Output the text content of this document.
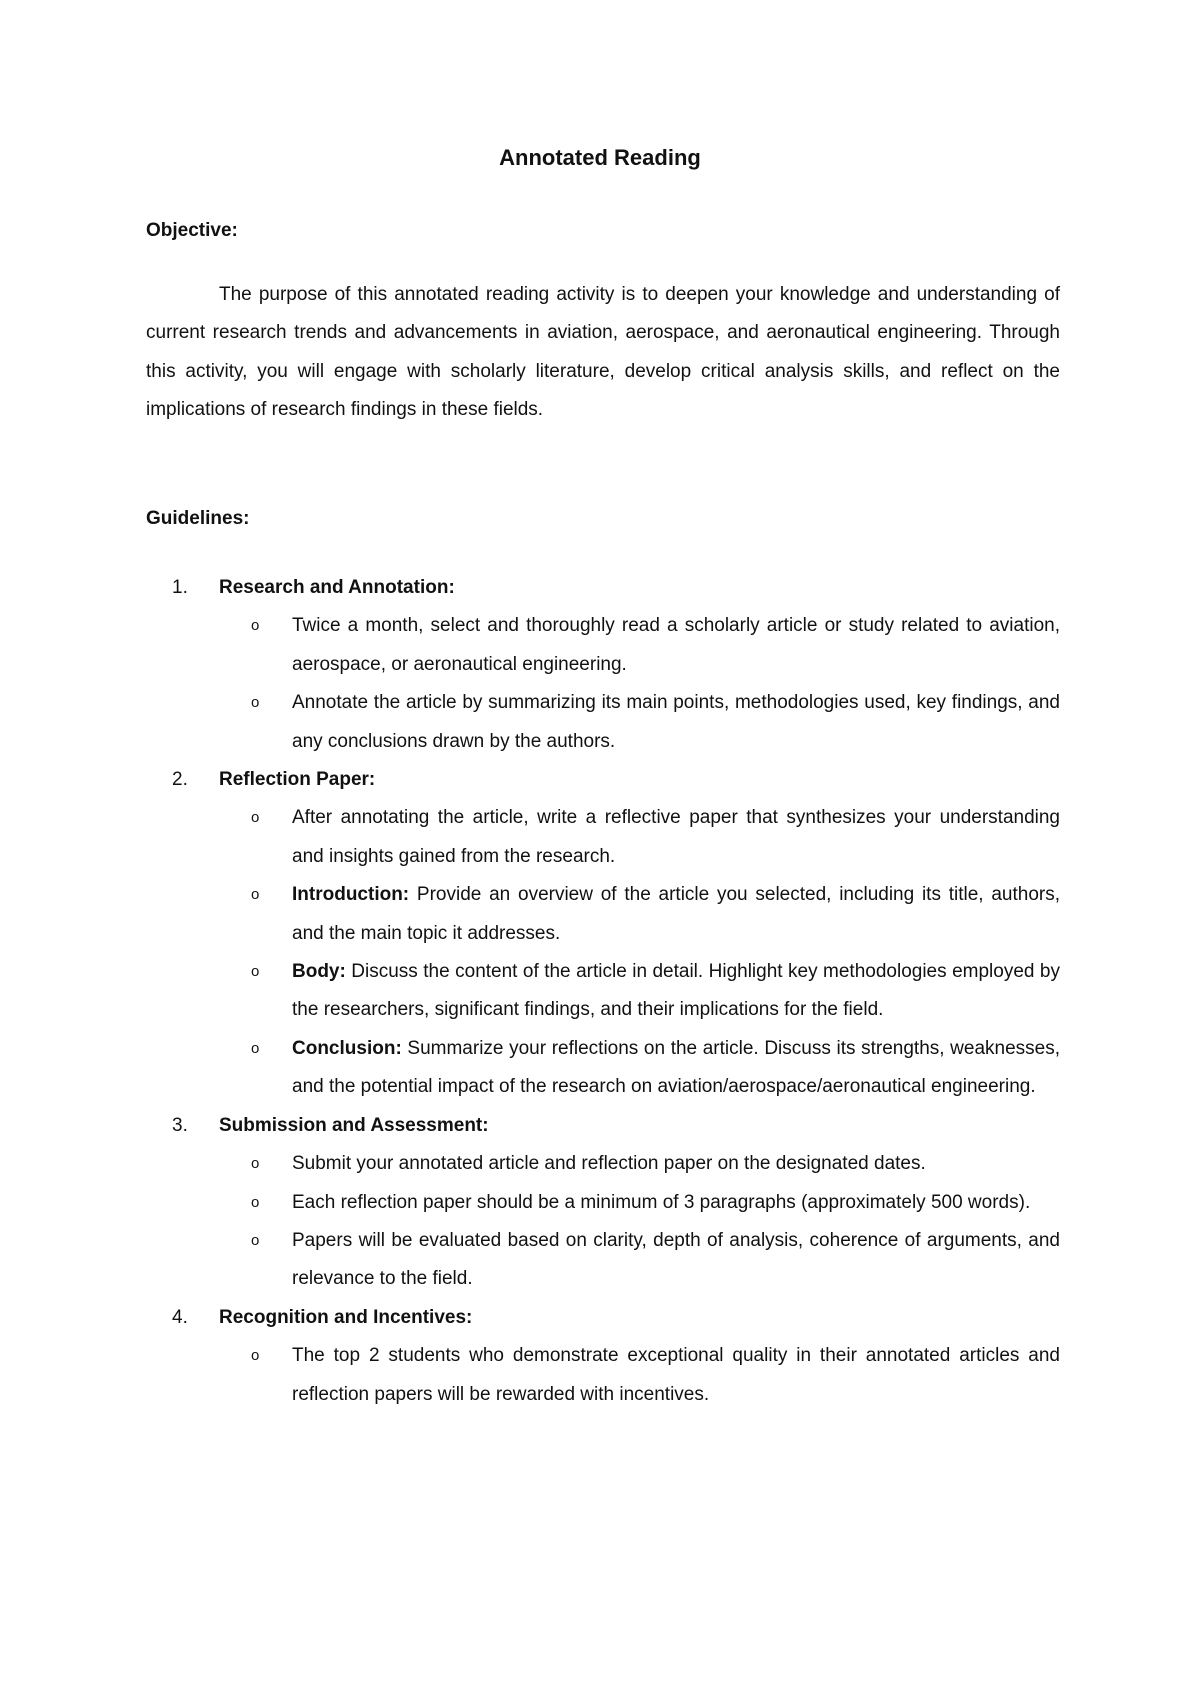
Annotated Reading
Objective:
The purpose of this annotated reading activity is to deepen your knowledge and understanding of current research trends and advancements in aviation, aerospace, and aeronautical engineering. Through this activity, you will engage with scholarly literature, develop critical analysis skills, and reflect on the implications of research findings in these fields.
Guidelines:
1.	Research and Annotation:
o Twice a month, select and thoroughly read a scholarly article or study related to aviation, aerospace, or aeronautical engineering.
o Annotate the article by summarizing its main points, methodologies used, key findings, and any conclusions drawn by the authors.
2.	Reflection Paper:
o After annotating the article, write a reflective paper that synthesizes your understanding and insights gained from the research.
o Introduction: Provide an overview of the article you selected, including its title, authors, and the main topic it addresses.
o Body: Discuss the content of the article in detail. Highlight key methodologies employed by the researchers, significant findings, and their implications for the field.
o Conclusion: Summarize your reflections on the article. Discuss its strengths, weaknesses, and the potential impact of the research on aviation/aerospace/aeronautical engineering.
3.	Submission and Assessment:
o Submit your annotated article and reflection paper on the designated dates.
o Each reflection paper should be a minimum of 3 paragraphs (approximately 500 words).
o Papers will be evaluated based on clarity, depth of analysis, coherence of arguments, and relevance to the field.
4.	Recognition and Incentives:
o The top 2 students who demonstrate exceptional quality in their annotated articles and reflection papers will be rewarded with incentives.
